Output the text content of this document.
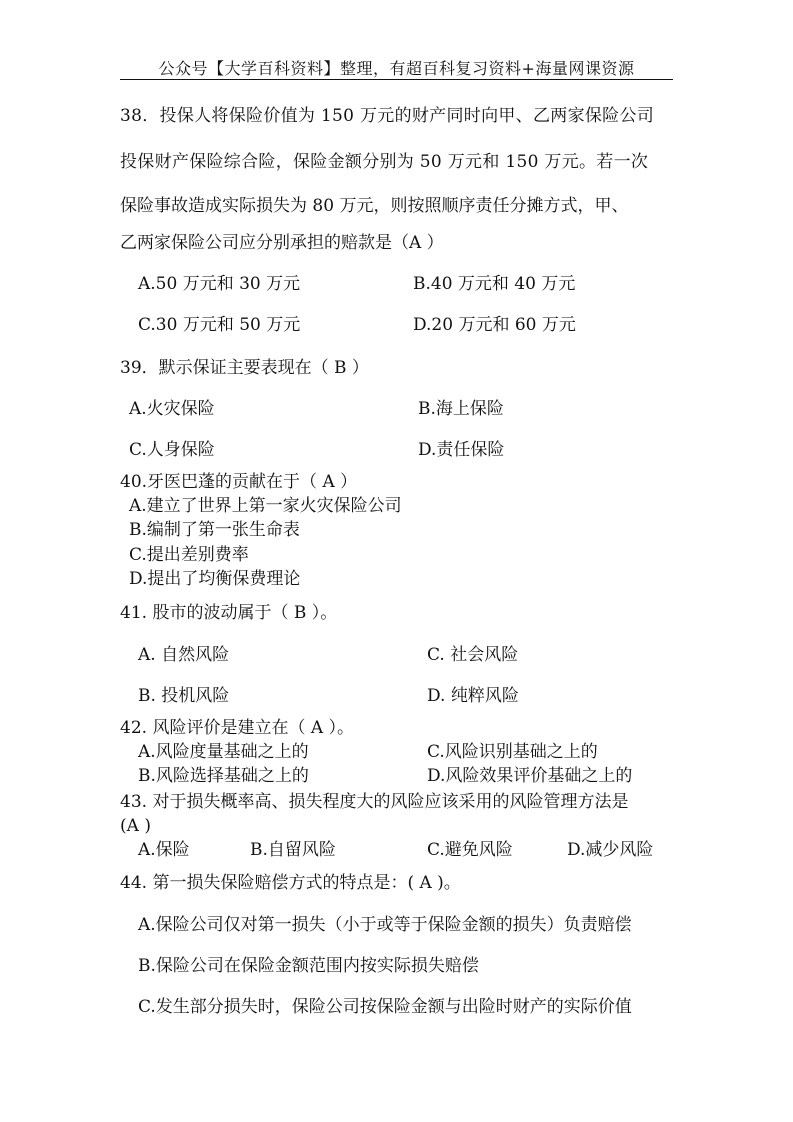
公众号【大学百科资料】整理，有超百科复习资料+海量网课资源
38．投保人将保险价值为 150 万元的财产同时向甲、乙两家保险公司
投保财产保险综合险，保险金额分别为 50 万元和 150 万元。若一次
保险事故造成实际损失为 80 万元，则按照顺序责任分摊方式，甲、
乙两家保险公司应分别承担的赔款是（A ）
A.50 万元和 30 万元	B.40 万元和 40 万元
C.30 万元和 50 万元	D.20 万元和 60 万元
39．默示保证主要表现在（ B ）
A.火灾保险	B.海上保险
C.人身保险	D.责任保险
40.牙医巴蓬的贡献在于（ A ）
A.建立了世界上第一家火灾保险公司
B.编制了第一张生命表
C.提出差别费率
D.提出了均衡保费理论
41. 股市的波动属于（ B ）。
A. 自然风险	C. 社会风险
B. 投机风险	D. 纯粹风险
42. 风险评价是建立在（ A ）。
A.风险度量基础之上的	C.风险识别基础之上的
B.风险选择基础之上的	D.风险效果评价基础之上的
43. 对于损失概率高、损失程度大的风险应该采用的风险管理方法是
(A )
A.保险	B.自留风险	C.避免风险	D.减少风险
44. 第一损失保险赔偿方式的特点是：( A )。
A.保险公司仅对第一损失（小于或等于保险金额的损失）负责赔偿
B.保险公司在保险金额范围内按实际损失赔偿
C.发生部分损失时，保险公司按保险金额与出险时财产的实际价值
